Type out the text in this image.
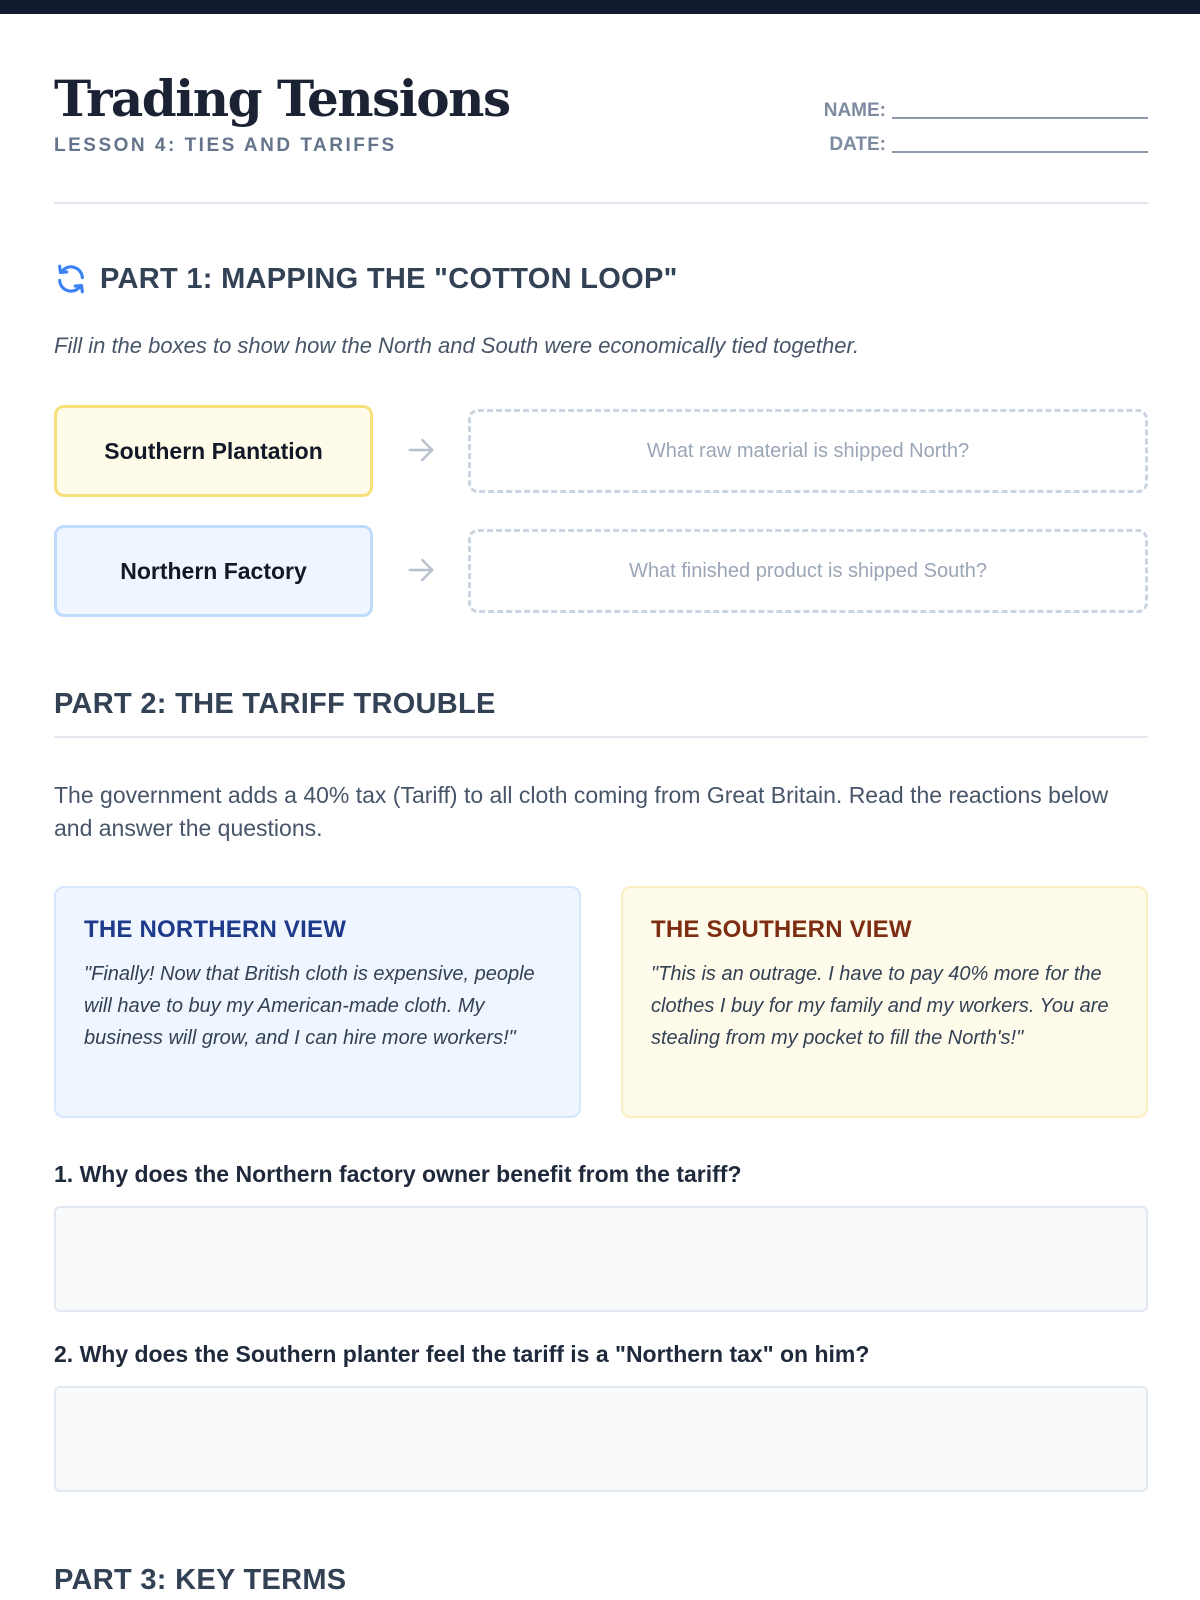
Trading Tensions
LESSON 4: TIES AND TARIFFS
NAME:
DATE:
PART 1: MAPPING THE "COTTON LOOP"
Fill in the boxes to show how the North and South were economically tied together.
Southern Plantation	What raw material is shipped North?
Northern Factory	What finished product is shipped South?
PART 2: THE TARIFF TROUBLE
The government adds a 40% tax (Tariff) to all cloth coming from Great Britain. Read the reactions below and answer the questions.
THE NORTHERN VIEW
"Finally! Now that British cloth is expensive, people will have to buy my American-made cloth. My business will grow, and I can hire more workers!"
THE SOUTHERN VIEW
"This is an outrage. I have to pay 40% more for the clothes I buy for my family and my workers. You are stealing from my pocket to fill the North's!"
1. Why does the Northern factory owner benefit from the tariff?
2. Why does the Southern planter feel the tariff is a "Northern tax" on him?
PART 3: KEY TERMS
